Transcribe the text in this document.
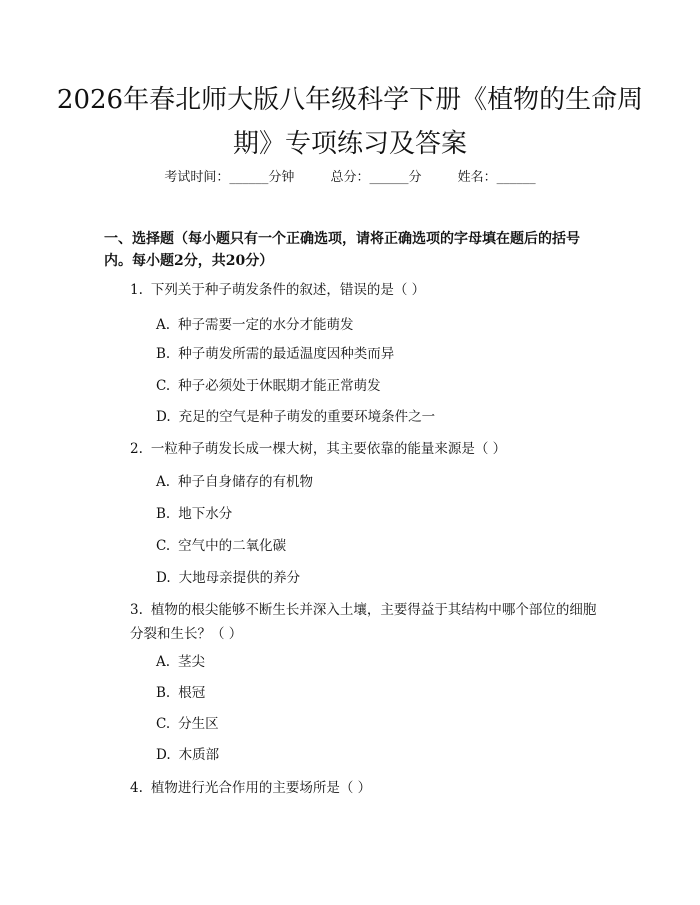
2026年春北师大版八年级科学下册《植物的生命周期》专项练习及答案
考试时间：______分钟	总分：______分	姓名：______

一、选择题（每小题只有一个正确选项，请将正确选项的字母填在题后的括号内。每小题2分，共20分）

1. 下列关于种子萌发条件的叙述，错误的是（ ）
A. 种子需要一定的水分才能萌发
B. 种子萌发所需的最适温度因种类而异
C. 种子必须处于休眠期才能正常萌发
D. 充足的空气是种子萌发的重要环境条件之一
2. 一粒种子萌发长成一棵大树，其主要依靠的能量来源是（ ）
A. 种子自身储存的有机物
B. 地下水分
C. 空气中的二氧化碳
D. 大地母亲提供的养分
3. 植物的根尖能够不断生长并深入土壤，主要得益于其结构中哪个部位的细胞分裂和生长？（ ）
A. 茎尖
B. 根冠
C. 分生区
D. 木质部
4. 植物进行光合作用的主要场所是（ ）
